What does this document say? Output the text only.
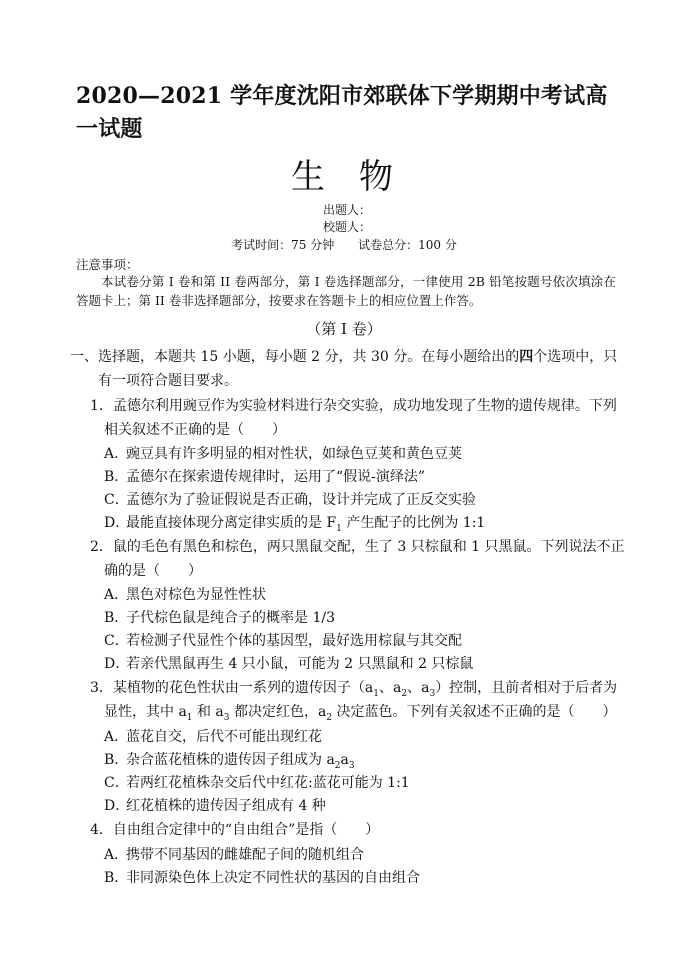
2020—2021 学年度沈阳市郊联体下学期期中考试高一试题
生物
出题人：
校题人：
考试时间：75 分钟 试卷总分：100 分
注意事项：
本试卷分第 I 卷和第 II 卷两部分，第 I 卷选择题部分，一律使用 2B 铅笔按题号依次填涂在答题卡上；第 II 卷非选择题部分，按要求在答题卡上的相应位置上作答。
（第 I 卷）
一、选择题，本题共 15 小题，每小题 2 分，共 30 分。在每小题给出的四个选项中，只有一项符合题目要求。
1．孟德尔利用豌豆作为实验材料进行杂交实验，成功地发现了生物的遗传规律。下列相关叙述不正确的是（　　）
A．豌豆具有许多明显的相对性状，如绿色豆荚和黄色豆荚
B．孟德尔在探索遗传规律时，运用了“假说-演绎法”
C．孟德尔为了验证假说是否正确，设计并完成了正反交实验
D．最能直接体现分离定律实质的是 $F_1$ 产生配子的比例为 1:1
2．鼠的毛色有黑色和棕色，两只黑鼠交配，生了 3 只棕鼠和 1 只黑鼠。下列说法不正确的是（　　）
A．黑色对棕色为显性性状
B．子代棕色鼠是纯合子的概率是 1/3
C．若检测子代显性个体的基因型，最好选用棕鼠与其交配
D．若亲代黑鼠再生 4 只小鼠，可能为 2 只黑鼠和 2 只棕鼠
3．某植物的花色性状由一系列的遗传因子（$a_1$、$a_2$、$a_3$）控制，且前者相对于后者为显性，其中 $a_1$ 和 $a_3$ 都决定红色，$a_2$ 决定蓝色。下列有关叙述不正确的是（　　）
A．蓝花自交，后代不可能出现红花
B．杂合蓝花植株的遗传因子组成为 $a_2a_3$
C．若两红花植株杂交后代中红花:蓝花可能为 1:1
D．红花植株的遗传因子组成有 4 种
4．自由组合定律中的“自由组合”是指（　　）
A．携带不同基因的雌雄配子间的随机组合
B．非同源染色体上决定不同性状的基因的自由组合
